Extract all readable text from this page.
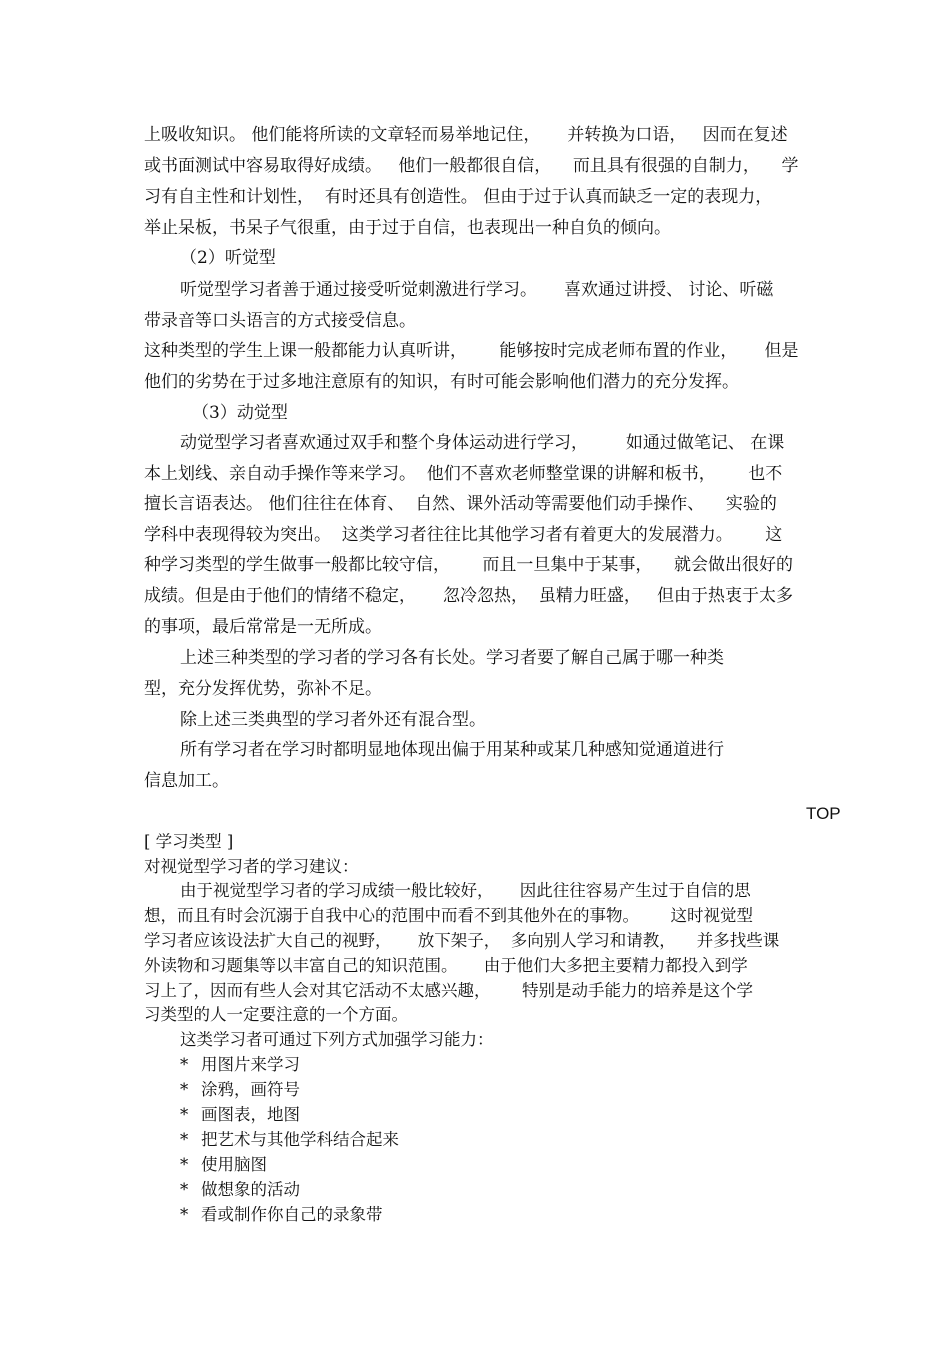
上吸收知识。 他们能将所读的文章轻而易举地记住，     并转换为口语，   因而在复述
或书面测试中容易取得好成绩。   他们一般都很自信，    而且具有很强的自制力，    学
习有自主性和计划性，  有时还具有创造性。 但由于过于认真而缺乏一定的表现力，
举止呆板，书呆子气很重，由于过于自信，也表现出一种自负的倾向。
（2）听觉型
听觉型学习者善于通过接受听觉刺激进行学习。     喜欢通过讲授、 讨论、听磁
带录音等口头语言的方式接受信息。
这种类型的学生上课一般都能力认真听讲，      能够按时完成老师布置的作业，     但是
他们的劣势在于过多地注意原有的知识，有时可能会影响他们潜力的充分发挥。
（3）动觉型
动觉型学习者喜欢通过双手和整个身体运动进行学习，       如通过做笔记、 在课
本上划线、亲自动手操作等来学习。  他们不喜欢老师整堂课的讲解和板书，      也不
擅长言语表达。 他们往往在体育、  自然、课外活动等需要他们动手操作、    实验的
学科中表现得较为突出。  这类学习者往往比其他学习者有着更大的发展潜力。      这
种学习类型的学生做事一般都比较守信，      而且一旦集中于某事，    就会做出很好的
成绩。但是由于他们的情绪不稳定，     忽冷忽热，  虽精力旺盛，   但由于热衷于太多
的事项，最后常常是一无所成。
上述三种类型的学习者的学习各有长处。学习者要了解自己属于哪一种类
型，充分发挥优势，弥补不足。
除上述三类典型的学习者外还有混合型。
所有学习者在学习时都明显地体现出偏于用某种或某几种感知觉通道进行
信息加工。
TOP
[ 学习类型 ]
对视觉型学习者的学习建议：
由于视觉型学习者的学习成绩一般比较好，     因此往往容易产生过于自信的思
想，而且有时会沉溺于自我中心的范围中而看不到其他外在的事物。      这时视觉型
学习者应该设法扩大自己的视野，     放下架子，  多向别人学习和请教，    并多找些课
外读物和习题集等以丰富自己的知识范围。     由于他们大多把主要精力都投入到学
习上了，因而有些人会对其它活动不太感兴趣，      特别是动手能力的培养是这个学
习类型的人一定要注意的一个方面。
这类学习者可通过下列方式加强学习能力：
* 用图片来学习
* 涂鸦，画符号
* 画图表，地图
* 把艺术与其他学科结合起来
* 使用脑图
* 做想象的活动
* 看或制作你自己的录象带
